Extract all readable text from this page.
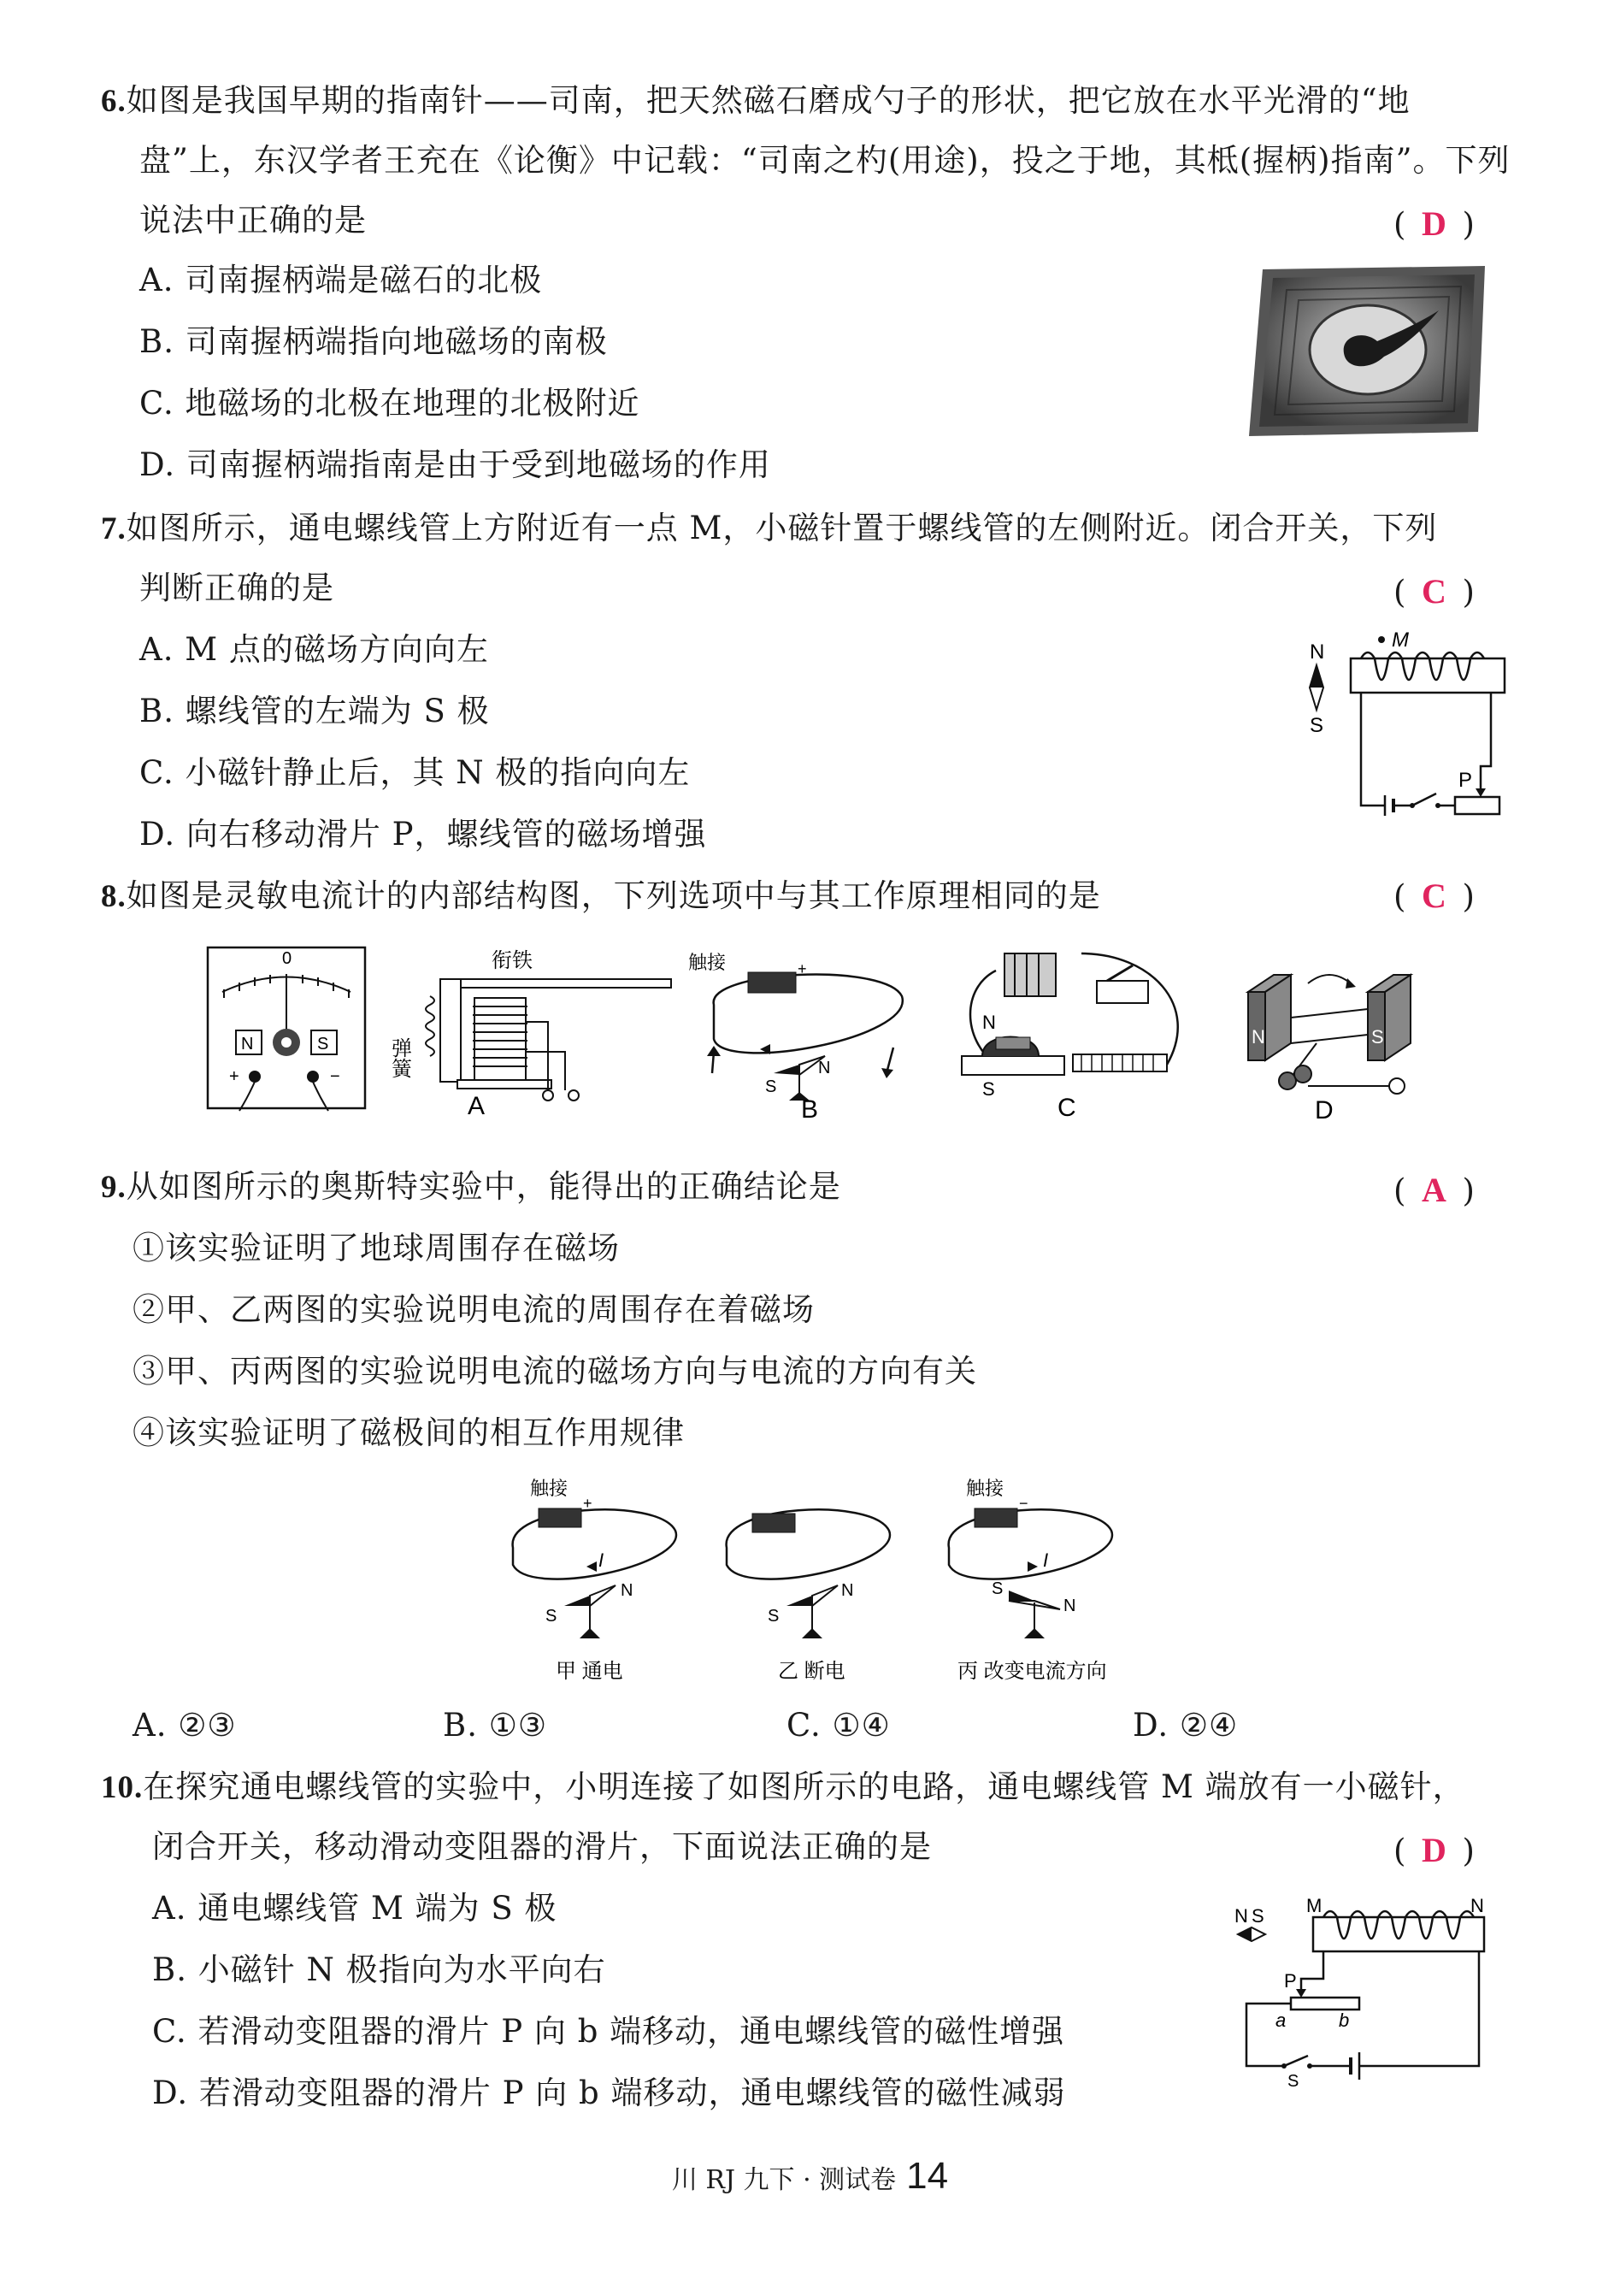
6.如图是我国早期的指南针——司南，把天然磁石磨成勺子的形状，把它放在水平光滑的“地
盘”上，东汉学者王充在《论衡》中记载：“司南之杓(用途)，投之于地，其柢(握柄)指南”。下列
说法中正确的是	( D )
A. 司南握柄端是磁石的北极
B. 司南握柄端指向地磁场的南极
C. 地磁场的北极在地理的北极附近
D. 司南握柄端指南是由于受到地磁场的作用
7.如图所示，通电螺线管上方附近有一点 M，小磁针置于螺线管的左侧附近。闭合开关，下列
判断正确的是	( C )
A. M 点的磁场方向向左
B. 螺线管的左端为 S 极
C. 小磁针静止后，其 N 极的指向向左
D. 向右移动滑片 P，螺线管的磁场增强
N
S
M
P
8.如图是灵敏电流计的内部结构图，下列选项中与其工作原理相同的是	( C )
0
N	S
+	−
衔铁
弹簧
A
触接	+
S
N
B
N
S
C
N	S
D
9.从如图所示的奥斯特实验中，能得出的正确结论是	( A )
①该实验证明了地球周围存在磁场
②甲、乙两图的实验说明电流的周围存在着磁场
③甲、丙两图的实验说明电流的磁场方向与电流的方向有关
④该实验证明了磁极间的相互作用规律
触接
+
I
S
N
甲 通电
S
N
乙 断电
触接
−
I
S
N
丙 改变电流方向
A. ②③	B. ①③	C. ①④	D. ②④
10.在探究通电螺线管的实验中，小明连接了如图所示的电路，通电螺线管 M 端放有一小磁针，
闭合开关，移动滑动变阻器的滑片，下面说法正确的是	( D )
A. 通电螺线管 M 端为 S 极
B. 小磁针 N 极指向为水平向右
C. 若滑动变阻器的滑片 P 向 b 端移动，通电螺线管的磁性增强
D. 若滑动变阻器的滑片 P 向 b 端移动，通电螺线管的磁性减弱
N S M	N
P
a	b
S
川 RJ 九下 · 测试卷 14
